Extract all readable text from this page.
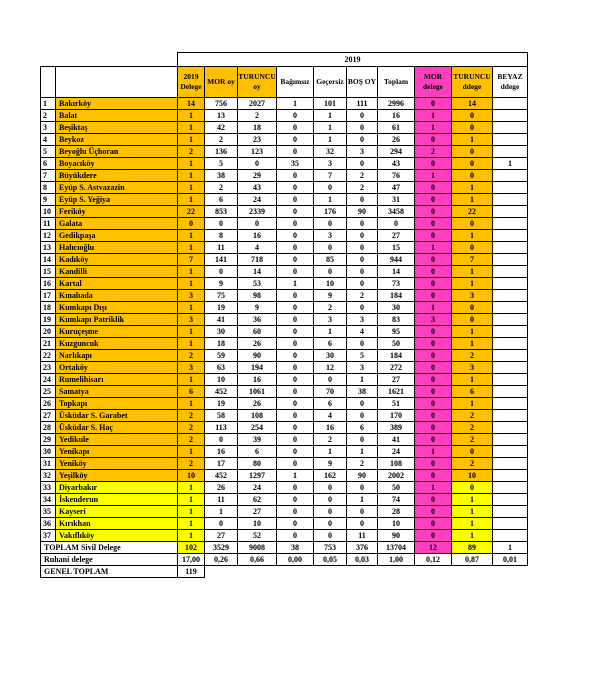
		2019									
		2019 Delege	MOR oy	TURUNCU oy	Bağımsız	Geçersiz	BOŞ OY	Toplam	MOR delege	TURUNCU ddege	BEYAZ ddege
1	Bakırköy	14	756	2027	1	101	111	2996	0	14	
2	Balat	1	13	2	0	1	0	16	1	0	
3	Beşiktaş	1	42	18	0	1	0	61	1	0	
4	Beykoz	1	2	23	0	1	0	26	0	1	
5	Beyoğlu Üçhoran	2	136	123	0	32	3	294	2	0	
6	Boyacıköy	1	5	0	35	3	0	43	0	0	1
7	Büyükdere	1	38	29	0	7	2	76	1	0	
8	Eyüp S. Astvazazin	1	2	43	0	0	2	47	0	1	
9	Eyüp S. Yeğiya	1	6	24	0	1	0	31	0	1	
10	Feriköy	22	853	2339	0	176	90	3458	0	22	
11	Galata	0	0	0	0	0	0	0	0	0	
12	Gedikpaşa	1	8	16	0	3	0	27	0	1	
13	Halıcıoğlu	1	11	4	0	0	0	15	1	0	
14	Kadıköy	7	141	718	0	85	0	944	0	7	
15	Kandilli	1	0	14	0	0	0	14	0	1	
16	Kartal	1	9	53	1	10	0	73	0	1	
17	Kınalıada	3	75	98	0	9	2	184	0	3	
18	Kumkapı Dışı	1	19	9	0	2	0	30	1	0	
19	Kumkapı Patriklik	3	41	36	0	3	3	83	3	0	
20	Kuruçeşme	1	30	60	0	1	4	95	0	1	
21	Kuzguncuk	1	18	26	0	6	0	50	0	1	
22	Narlıkapı	2	59	90	0	30	5	184	0	2	
23	Ortaköy	3	63	194	0	12	3	272	0	3	
24	Rumelihisarı	1	10	16	0	0	1	27	0	1	
25	Samatya	6	452	1061	0	70	38	1621	0	6	
26	Topkapı	1	19	26	0	6	0	51	0	1	
27	Üsküdar S. Garabet	2	58	108	0	4	0	170	0	2	
28	Üsküdar S. Haç	2	113	254	0	16	6	389	0	2	
29	Yedikule	2	0	39	0	2	0	41	0	2	
30	Yenikapı	1	16	6	0	1	1	24	1	0	
31	Yeniköy	2	17	80	0	9	2	108	0	2	
32	Yeşilköy	10	452	1297	1	162	90	2002	0	10	
33	Diyarbakır	1	26	24	0	0	0	50	1	0	
34	İskenderun	1	11	62	0	0	1	74	0	1	
35	Kayseri	1	1	27	0	0	0	28	0	1	
36	Kırıkhan	1	0	10	0	0	0	10	0	1	
37	Vakıflıköy	1	27	52	0	0	11	90	0	1	
TOPLAM Sivil Delege		102	3529	9008	38	753	376	13704	12	89	1
Ruhani delege		17,00	0,26	0,66	0,00	0,05	0,03	1,00	0,12	0,87	0,01
GENEL TOPLAM		119									
